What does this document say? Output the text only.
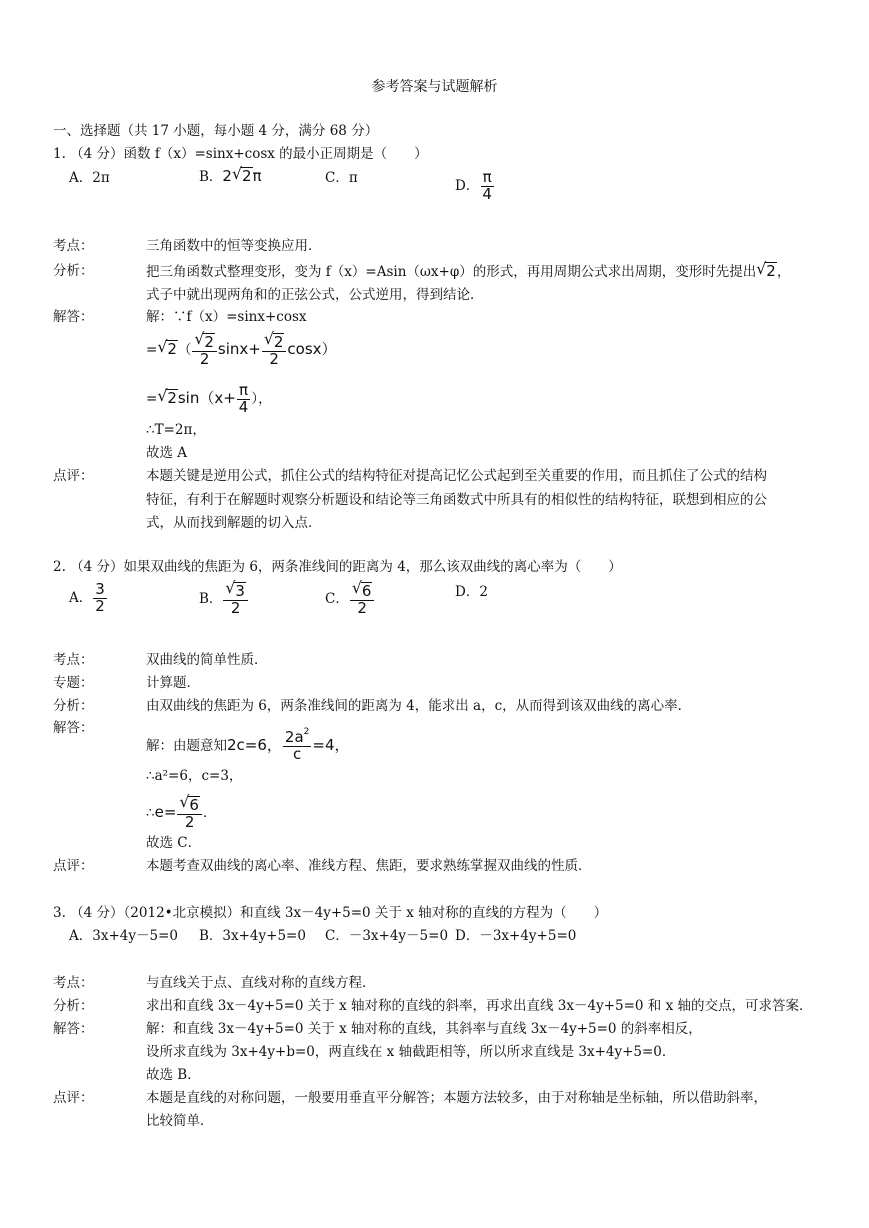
参考答案与试题解析
一、选择题（共 17 小题，每小题 4 分，满分 68 分）
1. （4 分）函数 f（x）=sinx+cosx 的最小正周期是（　　）
A．2π	B．2 √ 2π	C．π	D． $\frac{\pi}{4}$
考点：	三角函数中的恒等变换应用．
分析：	把三角函数式整理变形，变为 f（x）=Asin（ωx+φ）的形式，再用周期公式求出周期，变形时先提出 √ 2，
式子中就出现两角和的正弦公式，公式逆用，得到结论．
解答：	解：∵f（x）=sinx+cosx
= √ $2( \frac{√ 2}{2} \sin x+ \frac{√ 2}{2} \cos x)$
= √ $2\sin(x+ \frac{\pi}{4}$ ），
∴T=2π，
故选 A
点评：	本题关键是逆用公式，抓住公式的结构特征对提高记忆公式起到至关重要的作用，而且抓住了公式的结构
特征，有利于在解题时观察分析题设和结论等三角函数式中所具有的相似性的结构特征，联想到相应的公
式，从而找到解题的切入点．
2. （4 分）如果双曲线的焦距为 6，两条准线间的距离为 4，那么该双曲线的离心率为（　　）
A． $\frac{3}{2}$	B． $\frac{√ 3}{2}$	C． $\frac{√ 6}{2}$	D．2
考点：	双曲线的简单性质．
专题：	计算题．
分析：	由双曲线的焦距为 6，两条准线间的距离为 4，能求出 a，c，从而得到该双曲线的离心率．
解答：
解：由题意知2c=6， $\frac{2a^2}{c} =4$，
∴a²=6，c=3，
∴e= $\frac{√ 6}{2}$ ．
故选 C．
点评：	本题考查双曲线的离心率、准线方程、焦距，要求熟练掌握双曲线的性质．
3. （4 分）（2012•北京模拟）和直线 3x－4y+5=0 关于 x 轴对称的直线的方程为（　　）
A．3x+4y－5=0 B．3x+4y+5=0 C．－3x+4y－5=0 D．－3x+4y+5=0
考点：	与直线关于点、直线对称的直线方程．
分析：	求出和直线 3x－4y+5=0 关于 x 轴对称的直线的斜率，再求出直线 3x－4y+5=0 和 x 轴的交点，可求答案．
解答：	解：和直线 3x－4y+5=0 关于 x 轴对称的直线，其斜率与直线 3x－4y+5=0 的斜率相反，
设所求直线为 3x+4y+b=0，两直线在 x 轴截距相等，所以所求直线是 3x+4y+5=0．
故选 B．
点评：	本题是直线的对称问题，一般要用垂直平分解答；本题方法较多，由于对称轴是坐标轴，所以借助斜率，
比较简单．
